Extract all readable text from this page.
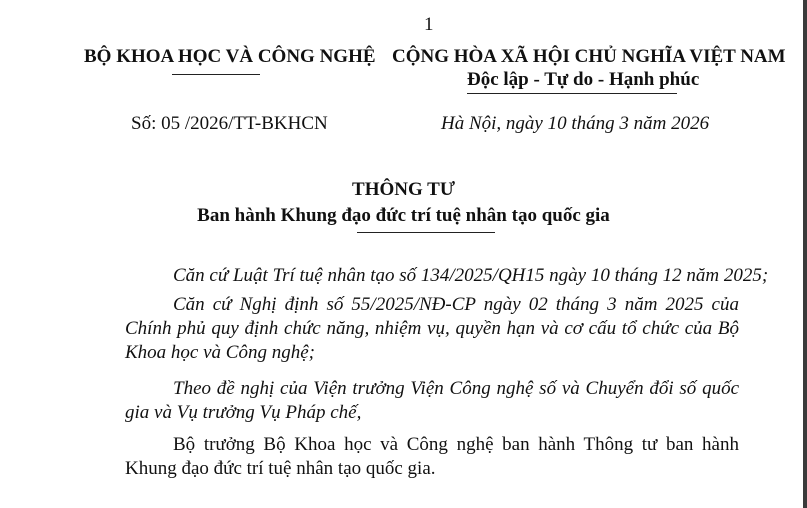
1
BỘ KHOA HỌC VÀ CÔNG NGHỆ CỘNG HÒA XÃ HỘI CHỦ NGHĨA VIỆT NAM
Độc lập - Tự do - Hạnh phúc
Số: 05 /2026/TT-BKHCN	Hà Nội, ngày 10 tháng 3 năm 2026
THÔNG TƯ
Ban hành Khung đạo đức trí tuệ nhân tạo quốc gia
Căn cứ Luật Trí tuệ nhân tạo số 134/2025/QH15 ngày 10 tháng 12 năm 2025;
Căn cứ Nghị định số 55/2025/NĐ-CP ngày 02 tháng 3 năm 2025 của Chính phủ quy định chức năng, nhiệm vụ, quyền hạn và cơ cấu tổ chức của Bộ Khoa học và Công nghệ;
Theo đề nghị của Viện trưởng Viện Công nghệ số và Chuyển đổi số quốc gia và Vụ trưởng Vụ Pháp chế,
Bộ trưởng Bộ Khoa học và Công nghệ ban hành Thông tư ban hành Khung đạo đức trí tuệ nhân tạo quốc gia.
